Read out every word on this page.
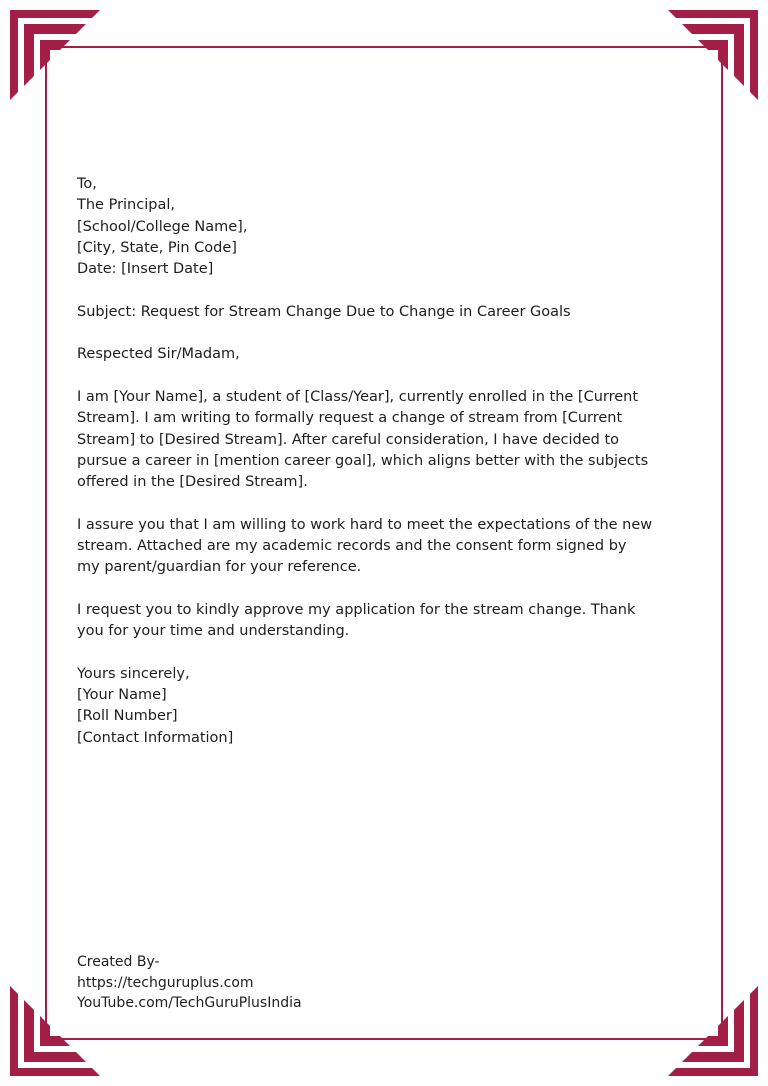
To,

The Principal,

[School/College Name],

[City, State, Pin Code]

Date: [Insert Date]

Subject: Request for Stream Change Due to Change in Career Goals

Respected Sir/Madam,

I am [Your Name], a student of [Class/Year], currently enrolled in the [Current

Stream]. I am writing to formally request a change of stream from [Current

Stream] to [Desired Stream]. After careful consideration, I have decided to

pursue a career in [mention career goal], which aligns better with the subjects

offered in the [Desired Stream].

I assure you that I am willing to work hard to meet the expectations of the new

stream. Attached are my academic records and the consent form signed by

my parent/guardian for your reference.

I request you to kindly approve my application for the stream change. Thank

you for your time and understanding.

Yours sincerely,

[Your Name]

[Roll Number]

[Contact Information]

Created By-

https://techguruplus.com

YouTube.com/TechGuruPlusIndia
